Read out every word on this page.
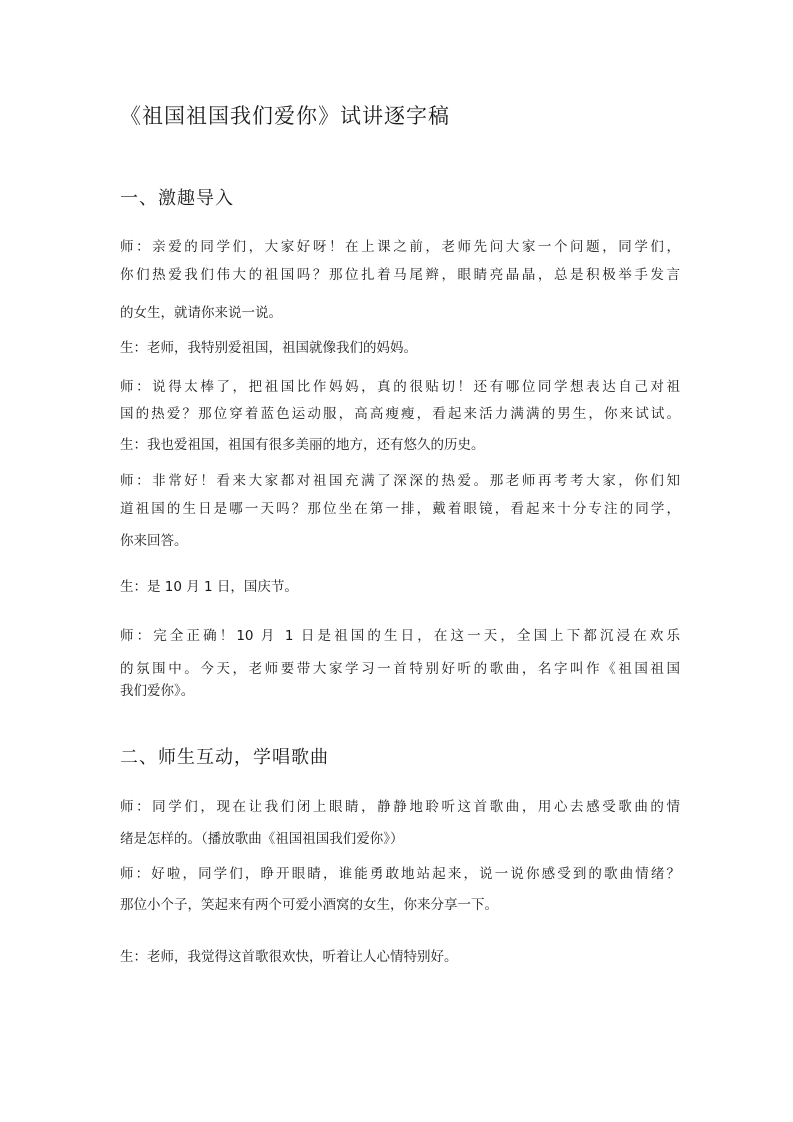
《祖国祖国我们爱你》试讲逐字稿
一、激趣导入
师：亲爱的同学们，大家好呀！在上课之前，老师先问大家一个问题，同学们，
你们热爱我们伟大的祖国吗？那位扎着马尾辫，眼睛亮晶晶，总是积极举手发言
的女生，就请你来说一说。
生：老师，我特别爱祖国，祖国就像我们的妈妈。
师：说得太棒了，把祖国比作妈妈，真的很贴切！还有哪位同学想表达自己对祖
国的热爱？那位穿着蓝色运动服，高高瘦瘦，看起来活力满满的男生，你来试试。
生：我也爱祖国，祖国有很多美丽的地方，还有悠久的历史。
师：非常好！看来大家都对祖国充满了深深的热爱。那老师再考考大家，你们知
道祖国的生日是哪一天吗？那位坐在第一排，戴着眼镜，看起来十分专注的同学，
你来回答。
生：是 10 月 1 日，国庆节。
师：完全正确！10 月 1 日是祖国的生日，在这一天，全国上下都沉浸在欢乐
的氛围中。今天，老师要带大家学习一首特别好听的歌曲，名字叫作《祖国祖国
我们爱你》。
二、师生互动，学唱歌曲
师：同学们，现在让我们闭上眼睛，静静地聆听这首歌曲，用心去感受歌曲的情
绪是怎样的。（播放歌曲《祖国祖国我们爱你》）
师：好啦，同学们，睁开眼睛，谁能勇敢地站起来，说一说你感受到的歌曲情绪？
那位小个子，笑起来有两个可爱小酒窝的女生，你来分享一下。
生：老师，我觉得这首歌很欢快，听着让人心情特别好。
